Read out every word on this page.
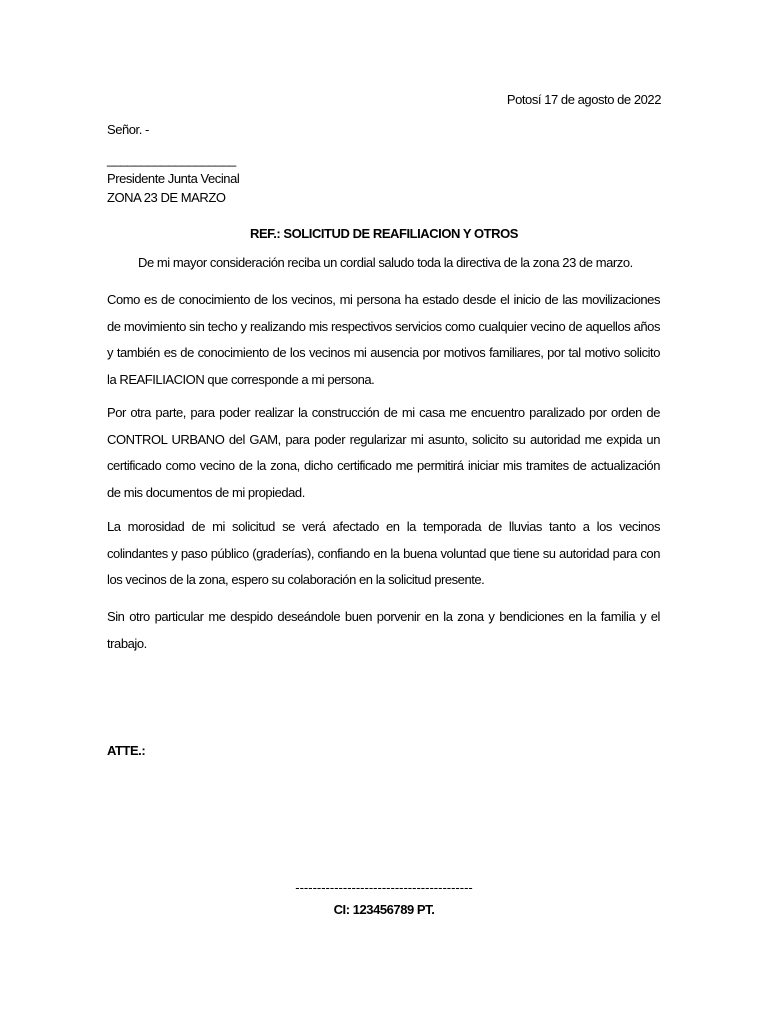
Potosí 17 de agosto de 2022
Señor. -
___________________
Presidente Junta Vecinal
ZONA 23 DE MARZO
REF.: SOLICITUD DE REAFILIACION Y OTROS
De mi mayor consideración reciba un cordial saludo toda la directiva de la zona 23 de marzo.

Como es de conocimiento de los vecinos, mi persona ha estado desde el inicio de las movilizaciones de movimiento sin techo y realizando mis respectivos servicios como cualquier vecino de aquellos años y también es de conocimiento de los vecinos mi ausencia por motivos familiares, por tal motivo solicito la REAFILIACION que corresponde a mi persona.

Por otra parte, para poder realizar la construcción de mi casa me encuentro paralizado por orden de CONTROL URBANO del GAM, para poder regularizar mi asunto, solicito su autoridad me expida un certificado como vecino de la zona, dicho certificado me permitirá iniciar mis tramites de actualización de mis documentos de mi propiedad.

La morosidad de mi solicitud se verá afectado en la temporada de lluvias tanto a los vecinos colindantes y paso público (graderías), confiando en la buena voluntad que tiene su autoridad para con los vecinos de la zona, espero su colaboración en la solicitud presente.

Sin otro particular me despido deseándole buen porvenir en la zona y bendiciones en la familia y el trabajo.

ATTE.:
-----------------------------------------
CI: 123456789 PT.
